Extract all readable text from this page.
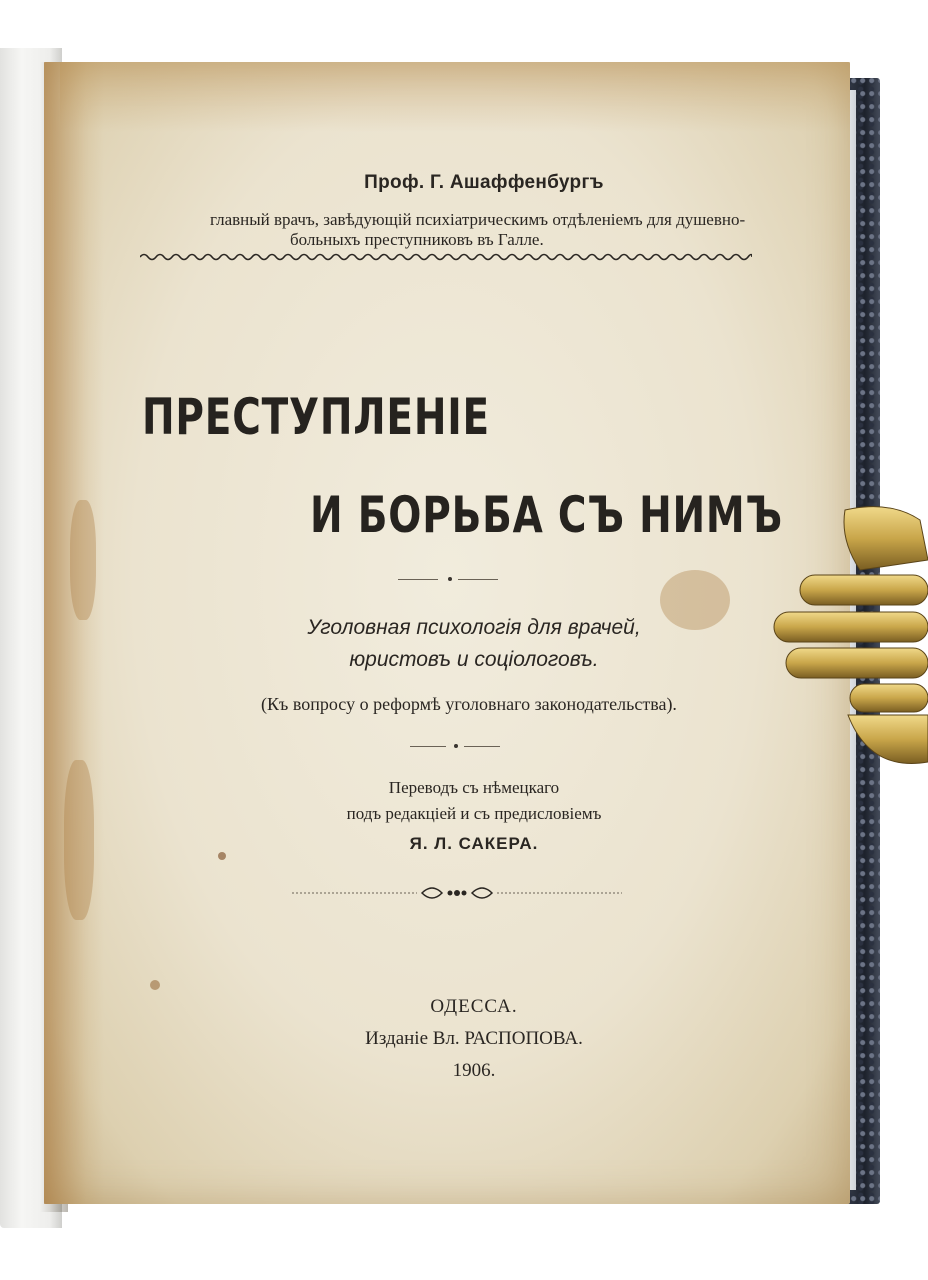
Проф. Г. Ашаффенбургъ
главный врачъ, завѣдующій психіатрическимъ отдѣленіемъ для душевно-
больныхъ преступниковъ въ Галле.
ПРЕСТУПЛЕНІЕ
И БОРЬБА СЪ НИМЪ
Уголовная психологія для врачей,
юристовъ и соціологовъ.
(Къ вопросу о реформѣ уголовнаго законодательства).
Переводъ съ нѣмецкаго
подъ редакціей и съ предисловіемъ
Я. Л. САКЕРА.
ОДЕССА.
Изданіе Вл. РАСПОПОВА.
1906.
